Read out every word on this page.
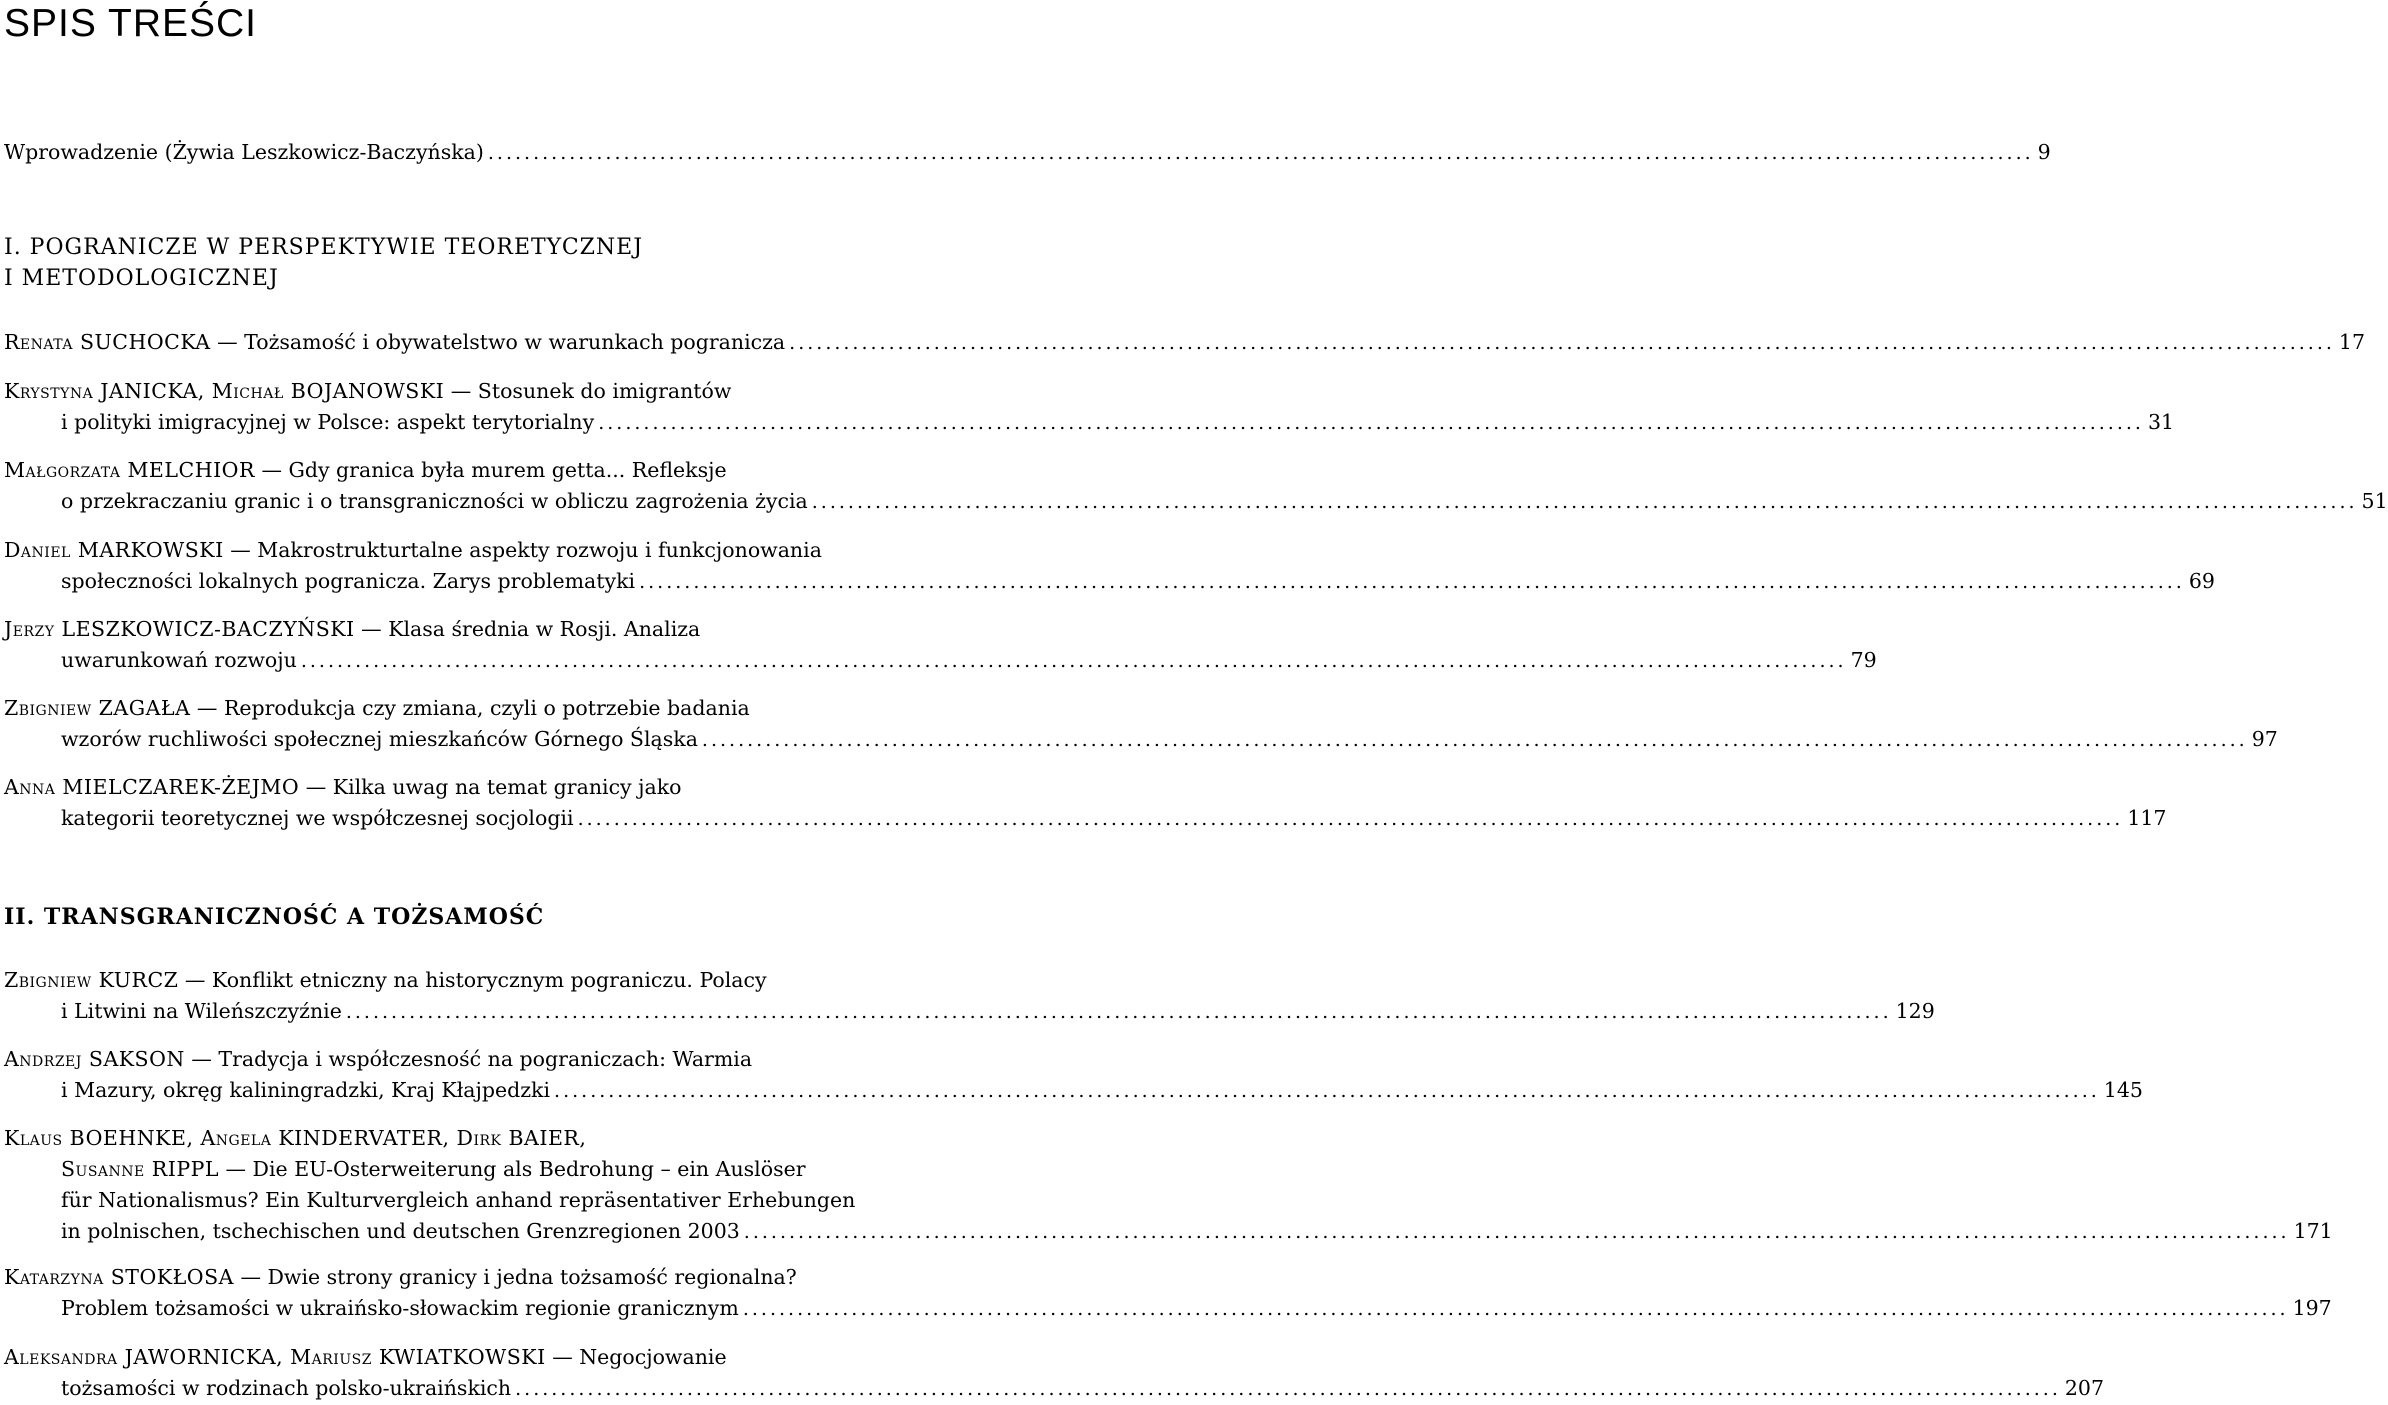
SPIS TREŚCI
Wprowadzenie (Żywia Leszkowicz-Baczyńska) ........................................................................................................................................................................... 9
I. POGRANICZE W PERSPEKTYWIE TEORETYCZNEJ
I METODOLOGICZNEJ
Renata SUCHOCKA — Tożsamość i obywatelstwo w warunkach pogranicza ........................................................................................................................................................................... 17
Krystyna JANICKA, Michał BOJANOWSKI — Stosunek do imigrantów
i polityki imigracyjnej w Polsce: aspekt terytorialny ........................................................................................................................................................................... 31
Małgorzata MELCHIOR — Gdy granica była murem getta... Refleksje
o przekraczaniu granic i o transgraniczności w obliczu zagrożenia życia ........................................................................................................................................................................... 51
Daniel MARKOWSKI — Makrostrukturtalne aspekty rozwoju i funkcjonowania
społeczności lokalnych pogranicza. Zarys problematyki ........................................................................................................................................................................... 69
Jerzy LESZKOWICZ-BACZYŃSKI — Klasa średnia w Rosji. Analiza
uwarunkowań rozwoju ........................................................................................................................................................................... 79
Zbigniew ZAGAŁA — Reprodukcja czy zmiana, czyli o potrzebie badania
wzorów ruchliwości społecznej mieszkańców Górnego Śląska ........................................................................................................................................................................... 97
Anna MIELCZAREK-ŻEJMO — Kilka uwag na temat granicy jako
kategorii teoretycznej we współczesnej socjologii ........................................................................................................................................................................... 117
II. TRANSGRANICZNOŚĆ A TOŻSAMOŚĆ
Zbigniew KURCZ — Konflikt etniczny na historycznym pograniczu. Polacy
i Litwini na Wileńszczyźnie ........................................................................................................................................................................... 129
Andrzej SAKSON — Tradycja i współczesność na pograniczach: Warmia
i Mazury, okręg kaliningradzki, Kraj Kłajpedzki ........................................................................................................................................................................... 145
Klaus BOEHNKE, Angela KINDERVATER, Dirk BAIER,
Susanne RIPPL — Die EU-Osterweiterung als Bedrohung – ein Auslöser
für Nationalismus? Ein Kulturvergleich anhand repräsentativer Erhebungen
in polnischen, tschechischen und deutschen Grenzregionen 2003 ........................................................................................................................................................................... 171
Katarzyna STOKŁOSA — Dwie strony granicy i jedna tożsamość regionalna?
Problem tożsamości w ukraińsko-słowackim regionie granicznym ........................................................................................................................................................................... 197
Aleksandra JAWORNICKA, Mariusz KWIATKOWSKI — Negocjowanie
tożsamości w rodzinach polsko-ukraińskich ........................................................................................................................................................................... 207
